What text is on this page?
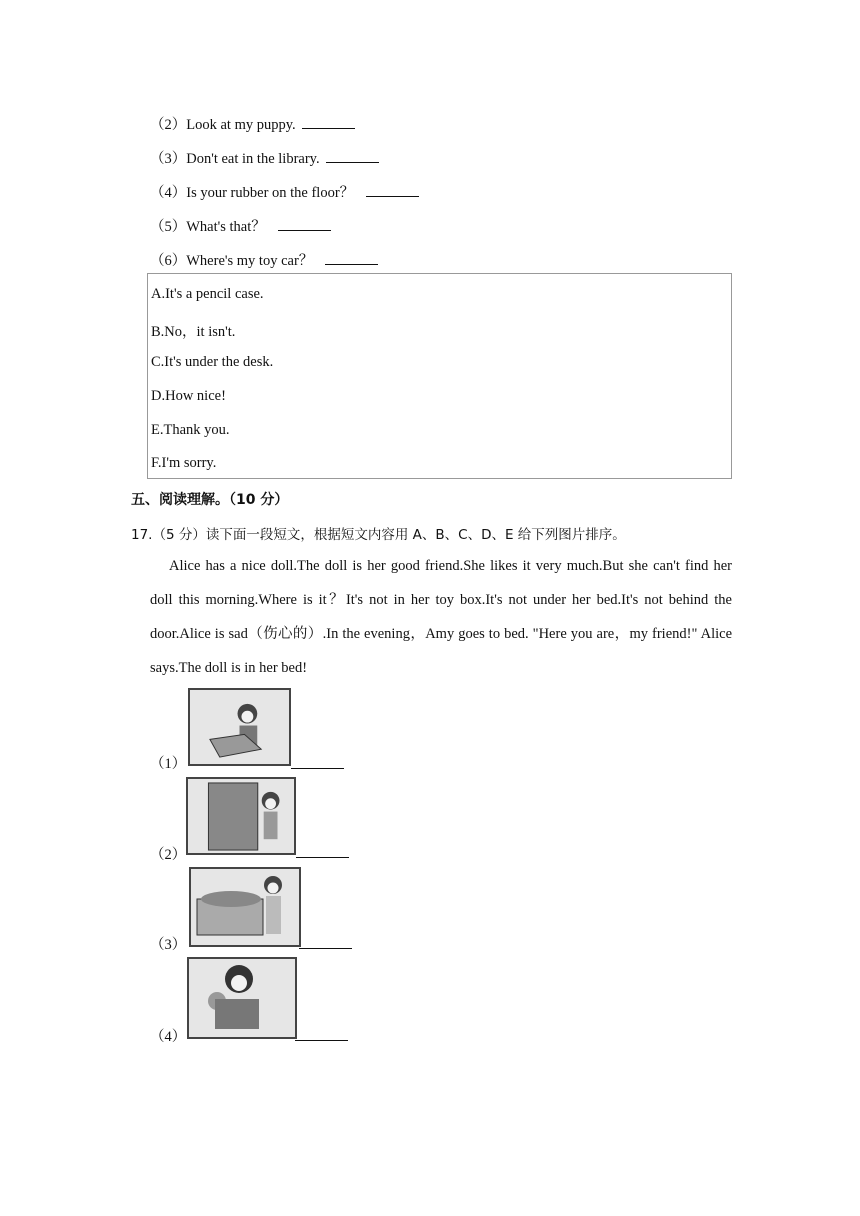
（2）Look at my puppy.
（3）Don't eat in the library.
（4）Is your rubber on the floor？
（5）What's that？
（6）Where's my toy car？
A.It's a pencil case.
B.No，it isn't.
C.It's under the desk.
D.How nice!
E.Thank you.
F.I'm sorry.
五、阅读理解。（10 分）
17.（5 分）读下面一段短文，根据短文内容用 A、B、C、D、E 给下列图片排序。
Alice has a nice doll.The doll is her good friend.She likes it very much.But she can't find her doll this morning.Where is it？It's not in her toy box.It's not under her bed.It's not behind the door.Alice is sad（伤心的）.In the evening，Amy goes to bed. "Here you are，my friend!" Alice says.The doll is in her bed!
（1）
（2）
（3）
（4）
